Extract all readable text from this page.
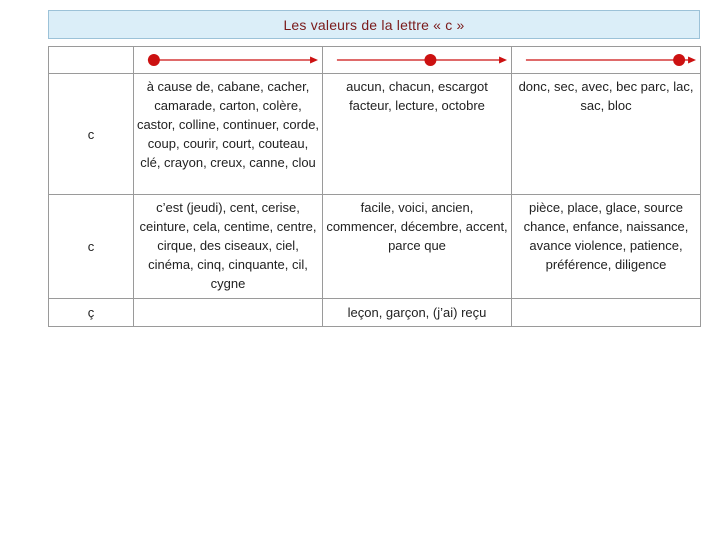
Les valeurs de la lettre « c »

c	à cause de, cabane, cacher, camarade, carton, colère, castor, colline, continuer, corde, coup, courir, court, couteau, clé, crayon, creux, canne, clou	aucun, chacun, escargot facteur, lecture, octobre	donc, sec, avec, bec parc, lac, sac, bloc

c	c’est (jeudi), cent, cerise, ceinture, cela, centime, centre, cirque, des ciseaux, ciel, cinéma, cinq, cinquante, cil, cygne	facile, voici, ancien, commencer, décembre, accent, parce que	pièce, place, glace, source chance, enfance, naissance, avance violence, patience, préférence, diligence

ç		leçon, garçon, (j’ai) reçu	
